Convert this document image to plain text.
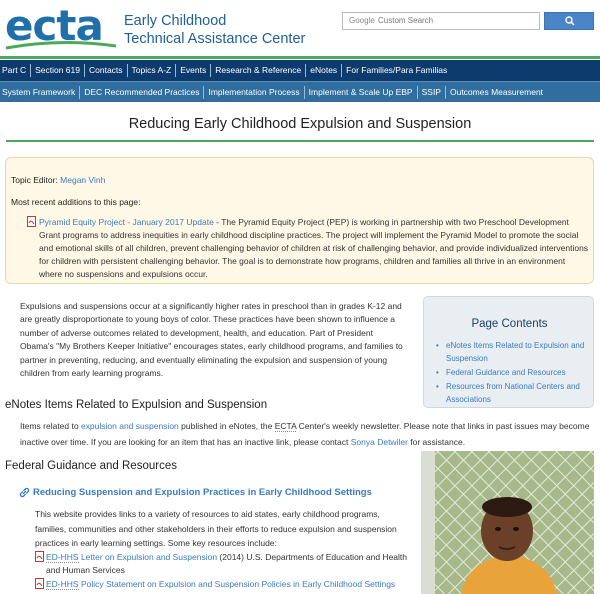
ecta Early Childhood
Technical Assistance Center
Google Custom Search
Part C	Section 619	Contacts	Topics A-Z	Events	Research & Reference	eNotes	For Families/Para Familias
System Framework	DEC Recommended Practices	Implementation Process	Implement & Scale Up EBP	SSIP	Outcomes Measurement
Reducing Early Childhood Expulsion and Suspension
Topic Editor: Megan Vinh
Most recent additions to this page:
Pyramid Equity Project - January 2017 Update - The Pyramid Equity Project (PEP) is working in partnership with two Preschool Development Grant programs to address inequities in early childhood discipline practices. The project will implement the Pyramid Model to promote the social and emotional skills of all children, prevent challenging behavior of children at risk of challenging behavior, and provide individualized interventions for children with persistent challenging behavior. The goal is to demonstrate how programs, children and families all thrive in an environment where no suspensions and expulsions occur.
Expulsions and suspensions occur at a significantly higher rates in preschool than in grades K-12 and are greatly disproportionate to young boys of color. These practices have been shown to influence a number of adverse outcomes related to development, health, and education. Part of President Obama's "My Brothers Keeper Initiative" encourages states, early childhood programs, and families to partner in preventing, reducing, and eventually eliminating the expulsion and suspension of young children from early learning programs.
Page Contents
• eNotes Items Related to Expulsion and Suspension
• Federal Guidance and Resources
• Resources from National Centers and Associations
eNotes Items Related to Expulsion and Suspension
Items related to expulsion and suspension published in eNotes, the ECTA Center's weekly newsletter. Please note that links in past issues may become inactive over time. If you are looking for an item that has an inactive link, please contact Sonya Detwiler for assistance.
Federal Guidance and Resources
Reducing Suspension and Expulsion Practices in Early Childhood Settings
This website provides links to a variety of resources to aid states, early childhood programs, families, communities and other stakeholders in their efforts to reduce expulsion and suspension practices in early learning settings. Some key resources include:
ED-HHS Letter on Expulsion and Suspension (2014) U.S. Departments of Education and Health and Human Services
ED-HHS Policy Statement on Expulsion and Suspension Policies in Early Childhood Settings
